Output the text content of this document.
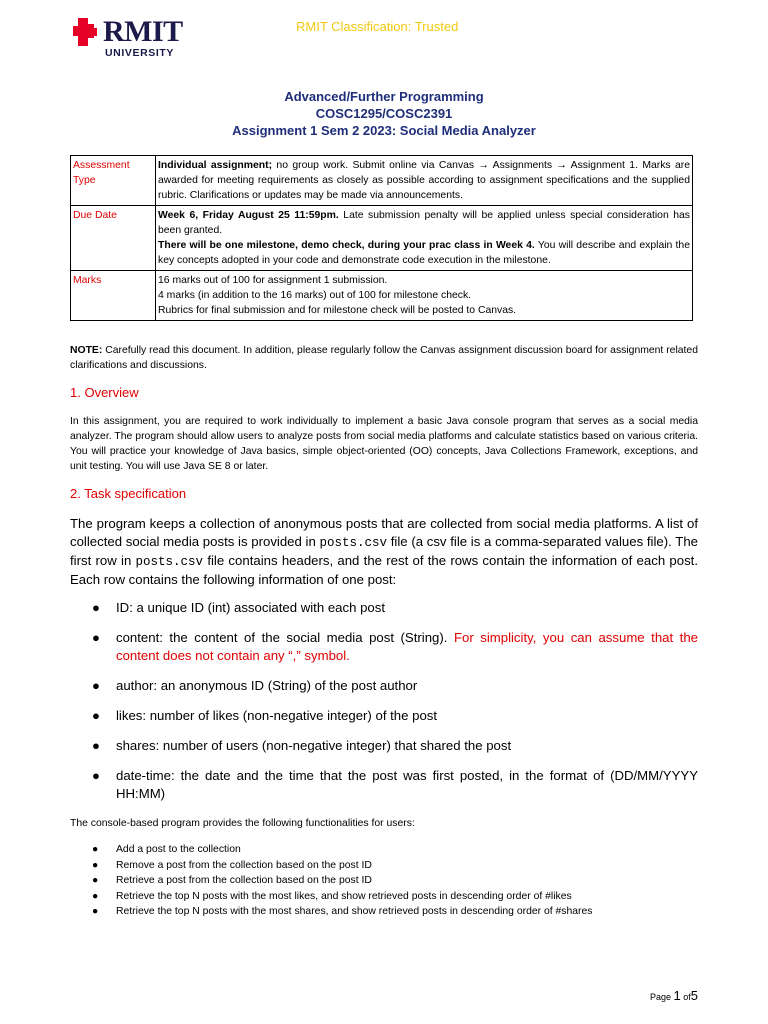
RMIT
UNIVERSITY
RMIT Classification: Trusted
Advanced/Further Programming
COSC1295/COSC2391
Assignment 1 Sem 2 2023: Social Media Analyzer
Assessment Type	Individual assignment; no group work. Submit online via Canvas → Assignments → Assignment 1. Marks are awarded for meeting requirements as closely as possible according to assignment specifications and the supplied rubric. Clarifications or updates may be made via announcements.
Due Date	Week 6, Friday August 25 11:59pm. Late submission penalty will be applied unless special consideration has been granted.
There will be one milestone, demo check, during your prac class in Week 4. You will describe and explain the key concepts adopted in your code and demonstrate code execution in the milestone.
Marks	16 marks out of 100 for assignment 1 submission.
4 marks (in addition to the 16 marks) out of 100 for milestone check.
Rubrics for final submission and for milestone check will be posted to Canvas.
NOTE: Carefully read this document. In addition, please regularly follow the Canvas assignment discussion board for assignment related clarifications and discussions.
1. Overview
In this assignment, you are required to work individually to implement a basic Java console program that serves as a social media analyzer. The program should allow users to analyze posts from social media platforms and calculate statistics based on various criteria. You will practice your knowledge of Java basics, simple object-oriented (OO) concepts, Java Collections Framework, exceptions, and unit testing. You will use Java SE 8 or later.
2. Task specification
The program keeps a collection of anonymous posts that are collected from social media platforms. A list of collected social media posts is provided in posts.csv file (a csv file is a comma-separated values file). The first row in posts.csv file contains headers, and the rest of the rows contain the information of each post. Each row contains the following information of one post:
● ID: a unique ID (int) associated with each post
● content: the content of the social media post (String). For simplicity, you can assume that the content does not contain any “,” symbol.
● author: an anonymous ID (String) of the post author
● likes: number of likes (non-negative integer) of the post
● shares: number of users (non-negative integer) that shared the post
● date-time: the date and the time that the post was first posted, in the format of (DD/MM/YYYY HH:MM)
The console-based program provides the following functionalities for users:
● Add a post to the collection
● Remove a post from the collection based on the post ID
● Retrieve a post from the collection based on the post ID
● Retrieve the top N posts with the most likes, and show retrieved posts in descending order of #likes
● Retrieve the top N posts with the most shares, and show retrieved posts in descending order of #shares
Page 1 of5
